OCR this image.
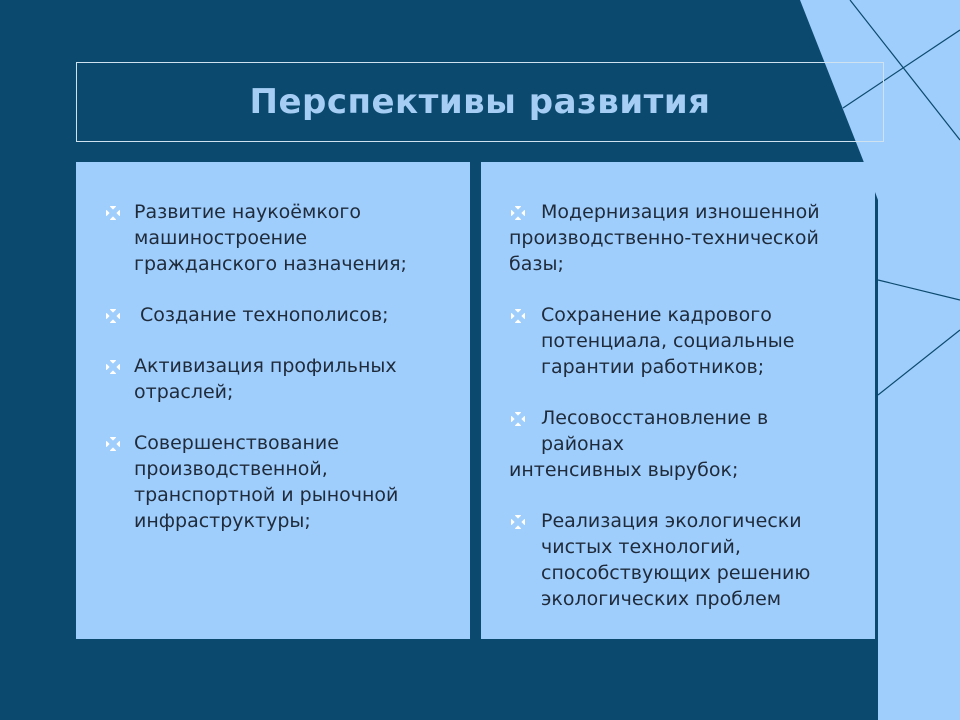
Перспективы развития
Развитие наукоёмкого
машиностроение
гражданского назначения;
Создание технополисов;
Активизация профильных
отраслей;
Совершенствование
производственной,
транспортной и рыночной
инфраструктуры;
Модернизация изношенной
производственно-технической
базы;
Сохранение кадрового
потенциала, социальные
гарантии работников;
Лесовосстановление в
районах
интенсивных вырубок;
Реализация экологически
чистых технологий,
способствующих решению
экологических проблем
